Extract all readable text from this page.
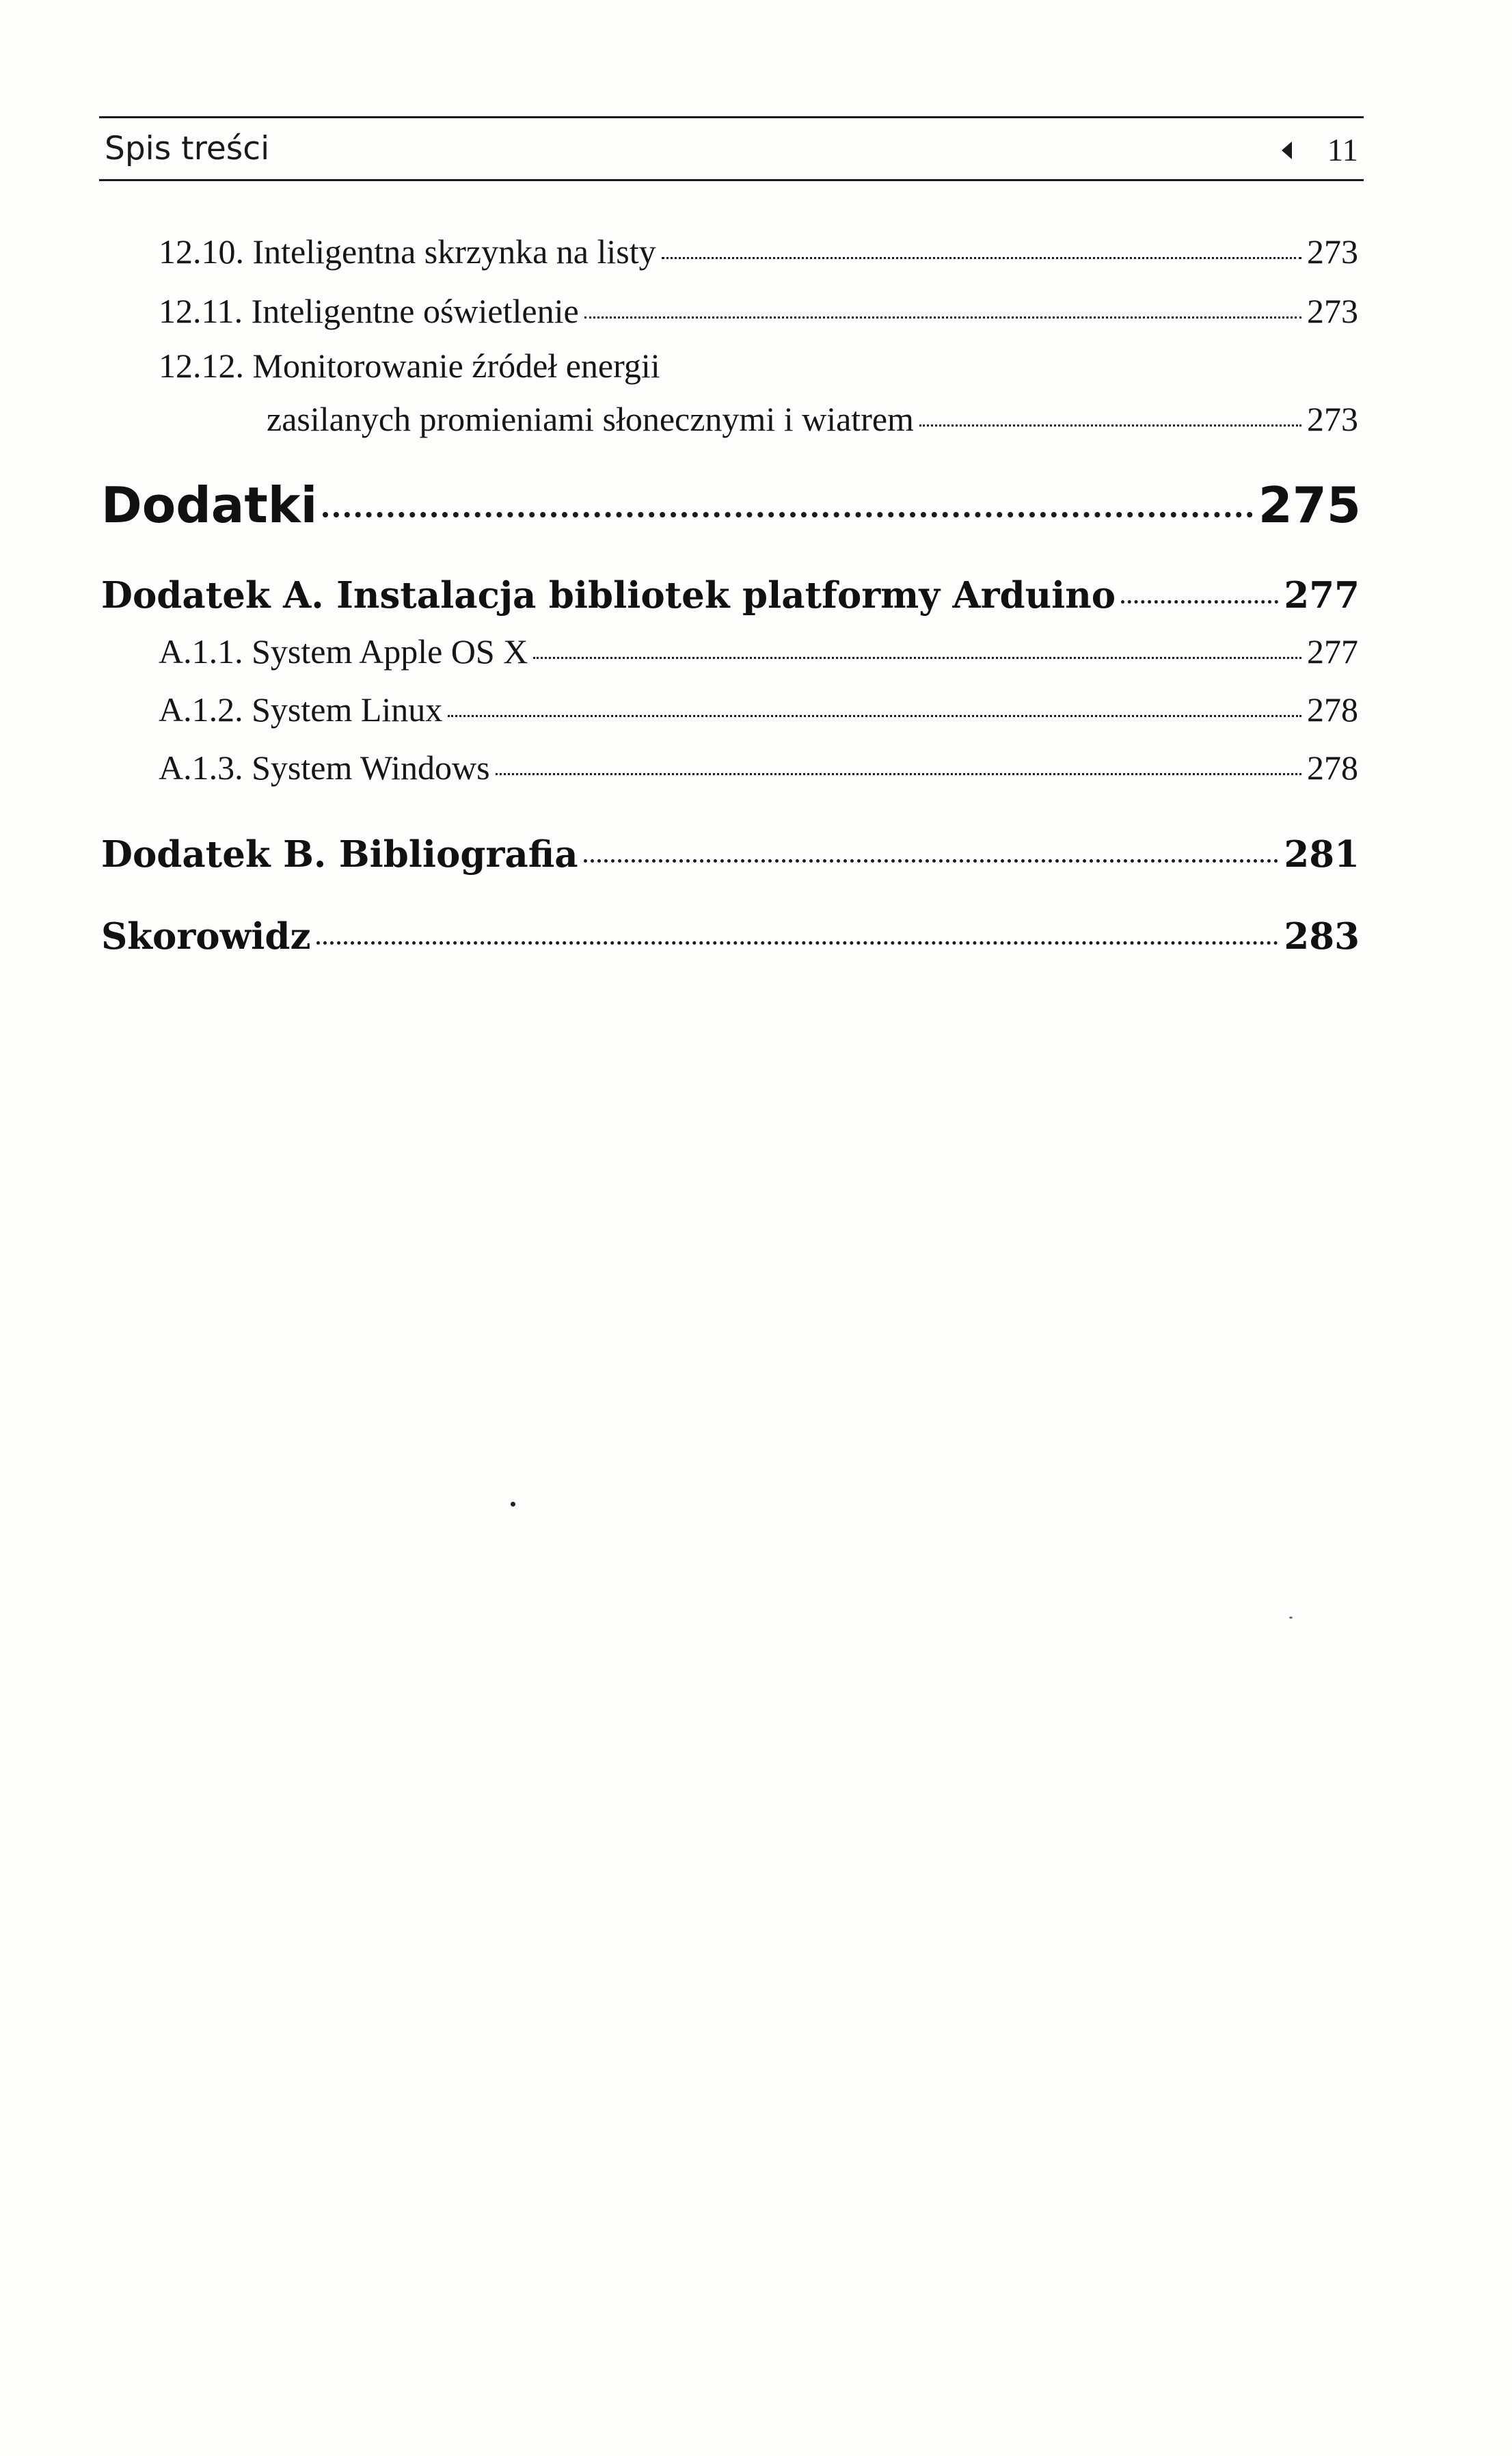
Spis treści	11
12.10. Inteligentna skrzynka na listy	273
12.11. Inteligentne oświetlenie	273
12.12. Monitorowanie źródeł energii
zasilanych promieniami słonecznymi i wiatrem	273
Dodatki	275
Dodatek A. Instalacja bibliotek platformy Arduino	277
A.1.1. System Apple OS X	277
A.1.2. System Linux	278
A.1.3. System Windows	278
Dodatek B. Bibliografia	281
Skorowidz	283
